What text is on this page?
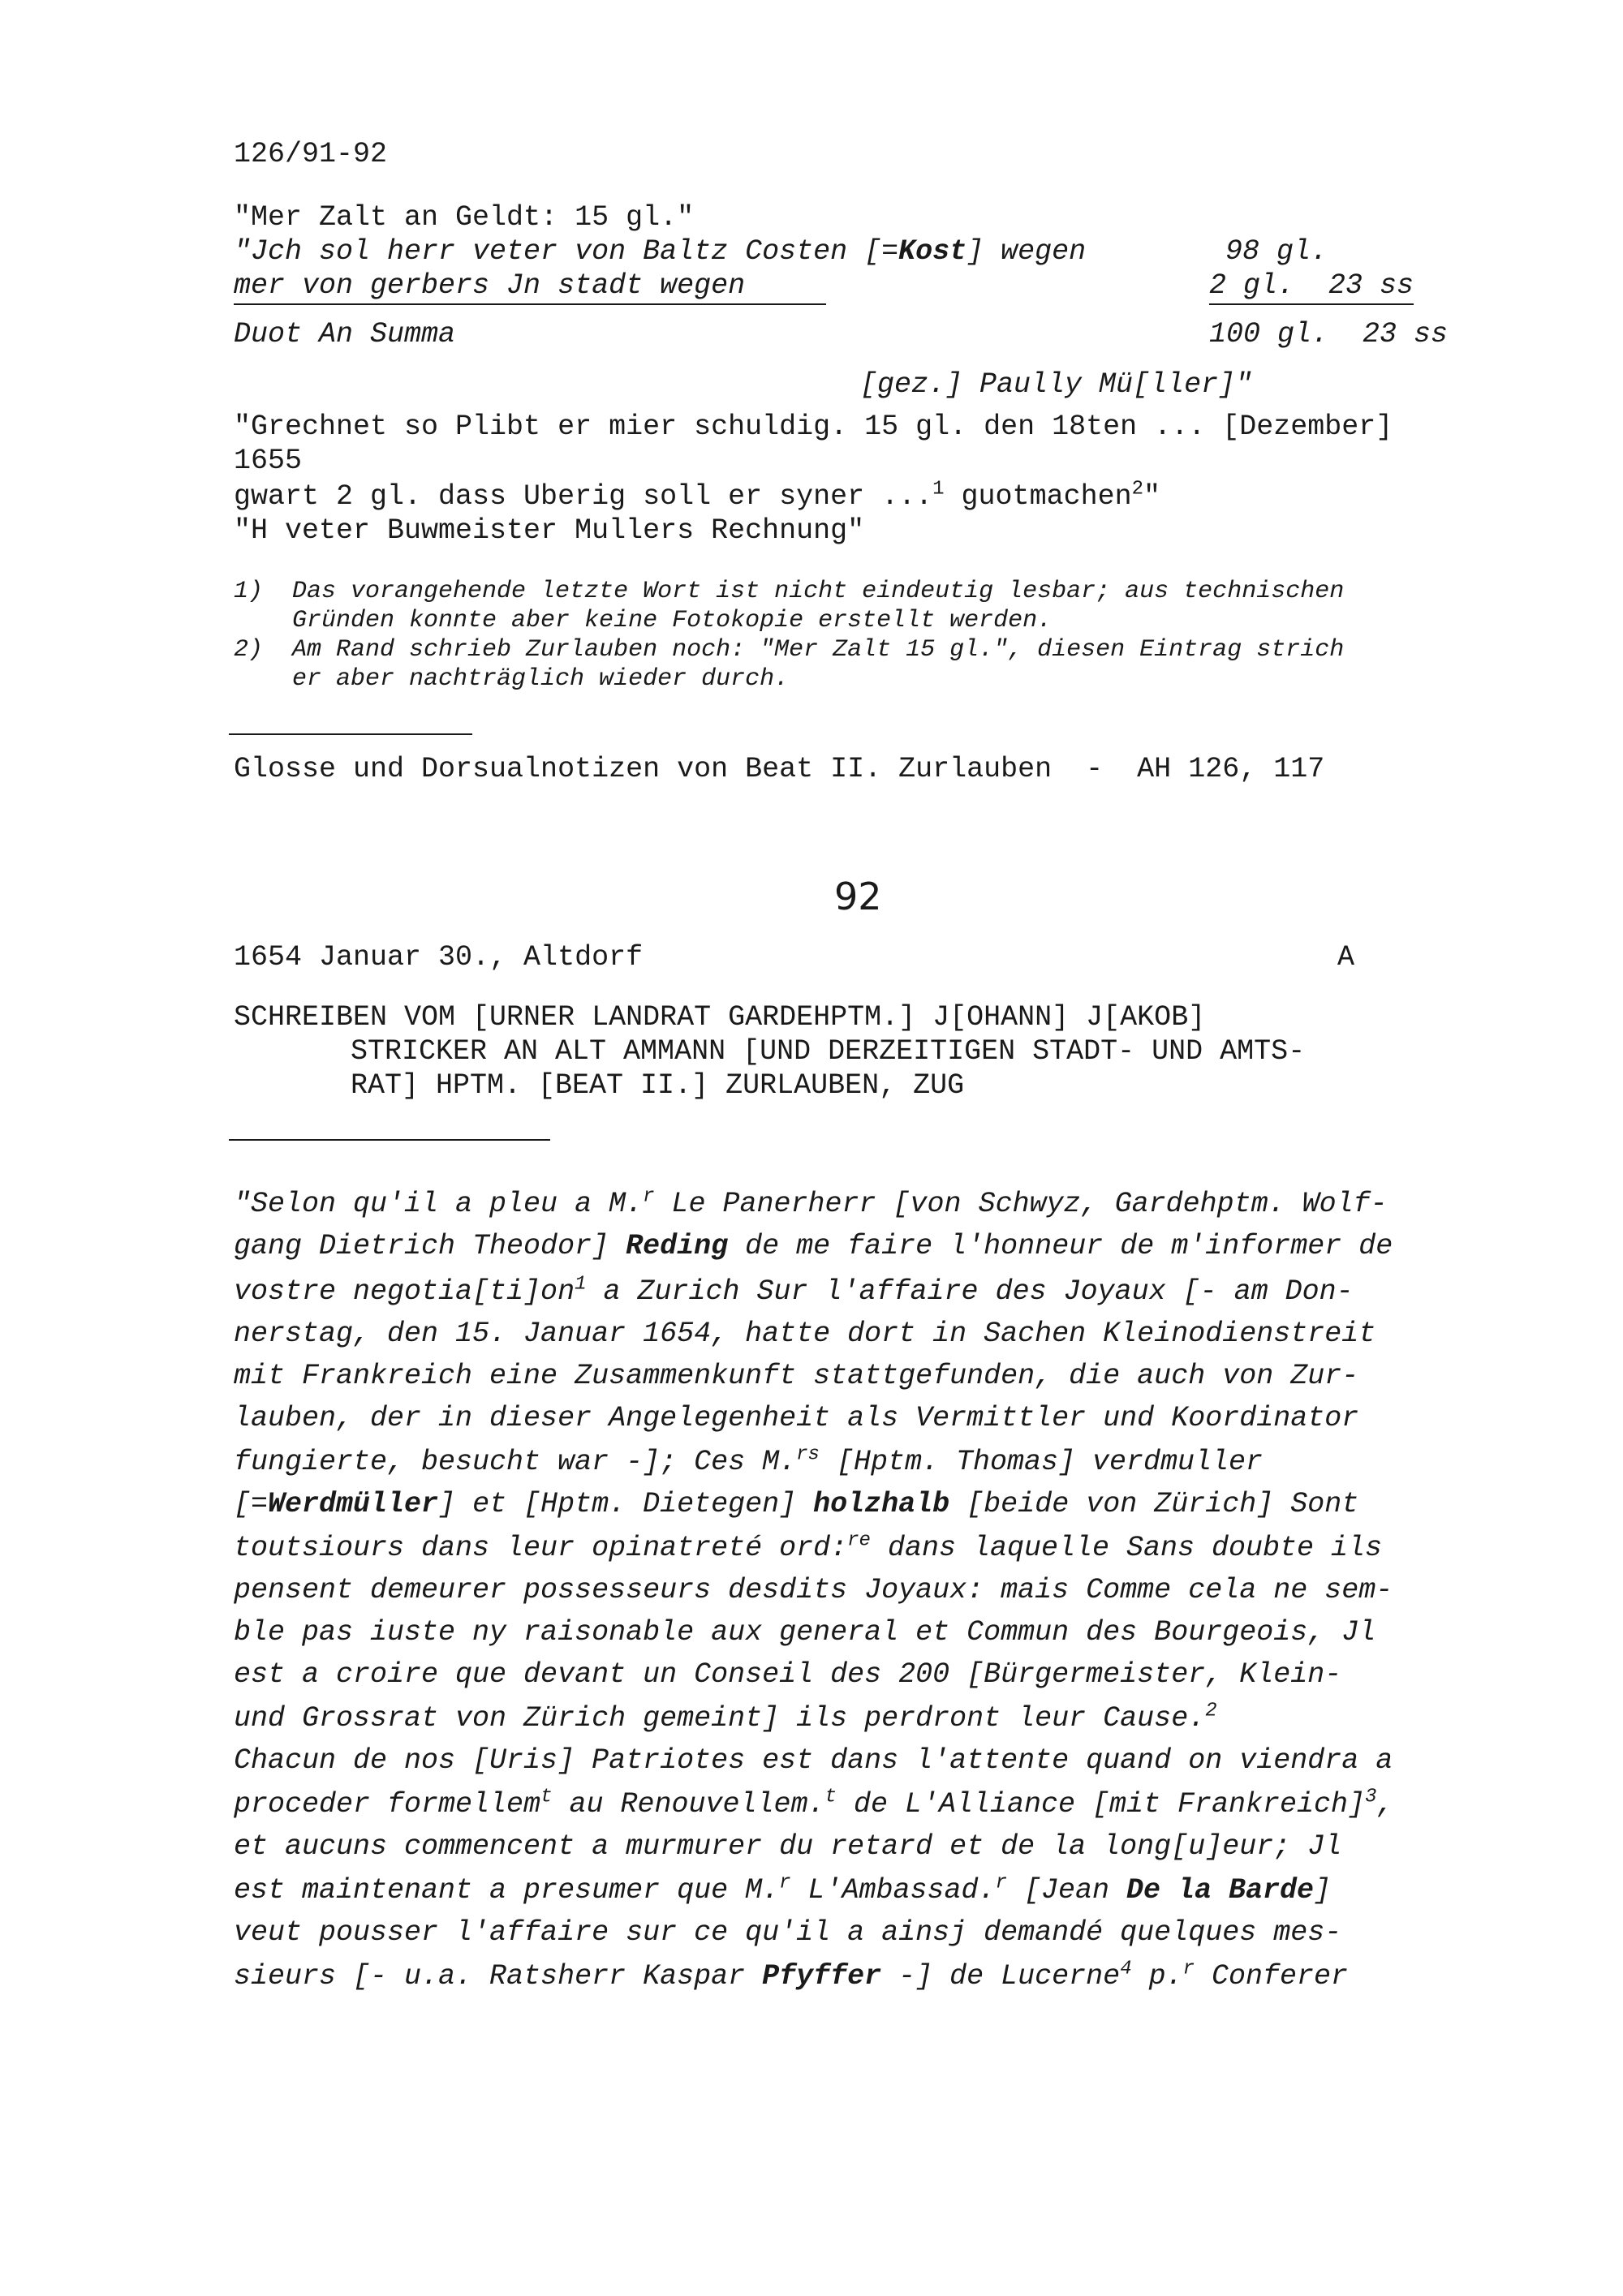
126/91-92
"Mer Zalt an Geldt: 15 gl."
"Jch sol herr veter von Baltz Costen [=Kost] wegen	98 gl.
mer von gerbers Jn stadt wegen	2 gl. 23 ss
Duot An Summa	100 gl. 23 ss
[gez.] Paully Mü[ller]"
"Grechnet so Plibt er mier schuldig. 15 gl. den 18ten ... [Dezember]
1655
gwart 2 gl. dass Uberig soll er syner ...$^1$ guotmachen$^2$"
"H veter Buwmeister Mullers Rechnung"
1) Das vorangehende letzte Wort ist nicht eindeutig lesbar; aus technischen
Gründen konnte aber keine Fotokopie erstellt werden.
2) Am Rand schrieb Zurlauben noch: "Mer Zalt 15 gl.", diesen Eintrag strich
er aber nachträglich wieder durch.
Glosse und Dorsualnotizen von Beat II. Zurlauben  -  AH 126, 117
92
1654 Januar 30., Altdorf	A
SCHREIBEN VOM [URNER LANDRAT GARDEHPTM.] J[OHANN] J[AKOB]
STRICKER AN ALT AMMANN [UND DERZEITIGEN STADT- UND AMTS-
RAT] HPTM. [BEAT II.] ZURLAUBEN, ZUG
"Selon qu'il a pleu a M.$^r$ Le Panerherr [von Schwyz, Gardehptm. Wolf-
gang Dietrich Theodor] Reding de me faire l'honneur de m'informer de
vostre $negotia[ti]on^1$ a Zurich Sur l'affaire des Joyaux [- am Don-
nerstag, den 15. Januar 1654, hatte dort in Sachen Kleinodienstreit
mit Frankreich eine Zusammenkunft stattgefunden, die auch von Zur-
lauben, der in dieser Angelegenheit als Vermittler und Koordinator
fungierte, besucht war -]; Ces M.$^{rs}$ [Hptm. Thomas] verdmuller
[=Werdmüller] et [Hptm. Dietegen] holzhalb [beide von Zürich] Sont
toutsiours dans leur opinatreté ord:$^{re}$ dans laquelle Sans doubte ils
pensent demeurer possesseurs desdits Joyaux: mais Comme cela ne sem-
ble pas iuste ny raisonable aux general et Commun des Bourgeois, Jl
est a croire que devant un Conseil des 200 [Bürgermeister, Klein-
und Grossrat von Zürich gemeint] ils perdront leur Cause.$^2$
Chacun de nos [Uris] Patriotes est dans l'attente quand on viendra a
proceder formellem$^t$ au Renouvellem.$^t$ de L'Alliance [mit Frankreich]$^3$,
et aucuns commencent a murmurer du retard et de la long[u]eur; Jl
est maintenant a presumer que M.$^r$ L'Ambassad.$^r$ [Jean De la Barde]
veut pousser l'affaire sur ce qu'il a ainsj demandé quelques mes-
sieurs [- u.a. Ratsherr Kaspar Pfyffer -] de Lucerne$^4$ p.$^r$ Conferer
